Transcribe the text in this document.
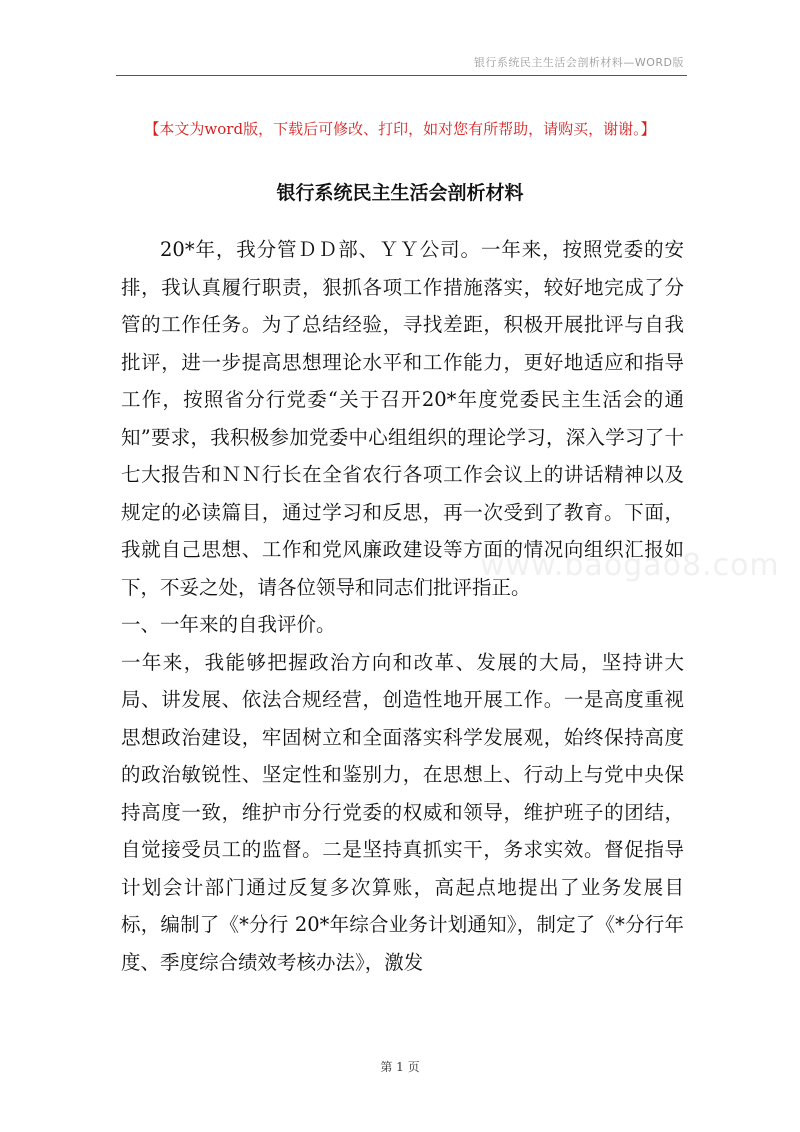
银行系统民主生活会剖析材料—WORD版
【本文为word版，下载后可修改、打印，如对您有所帮助，请购买，谢谢。】
银行系统民主生活会剖析材料

20*年，我分管ＤＤ部、ＹＹ公司。一年来，按照党委的安排，我认真履行职责，狠抓各项工作措施落实，较好地完成了分管的工作任务。为了总结经验，寻找差距，积极开展批评与自我批评，进一步提高思想理论水平和工作能力，更好地适应和指导工作，按照省分行党委“关于召开20*年度党委民主生活会的通知”要求，我积极参加党委中心组组织的理论学习，深入学习了十七大报告和ＮＮ行长在全省农行各项工作会议上的讲话精神以及规定的必读篇目，通过学习和反思，再一次受到了教育。下面，我就自己思想、工作和党风廉政建设等方面的情况向组织汇报如下，不妥之处，请各位领导和同志们批评指正。

一、一年来的自我评价。

一年来，我能够把握政治方向和改革、发展的大局，坚持讲大局、讲发展、依法合规经营，创造性地开展工作。一是高度重视思想政治建设，牢固树立和全面落实科学发展观，始终保持高度的政治敏锐性、坚定性和鉴别力，在思想上、行动上与党中央保持高度一致，维护市分行党委的权威和领导，维护班子的团结，自觉接受员工的监督。二是坚持真抓实干，务求实效。督促指导计划会计部门通过反复多次算账，高起点地提出了业务发展目标，编制了《*分行 20*年综合业务计划通知》，制定了《*分行年度、季度综合绩效考核办法》，激发

www.baogao8.com
第 1 页
